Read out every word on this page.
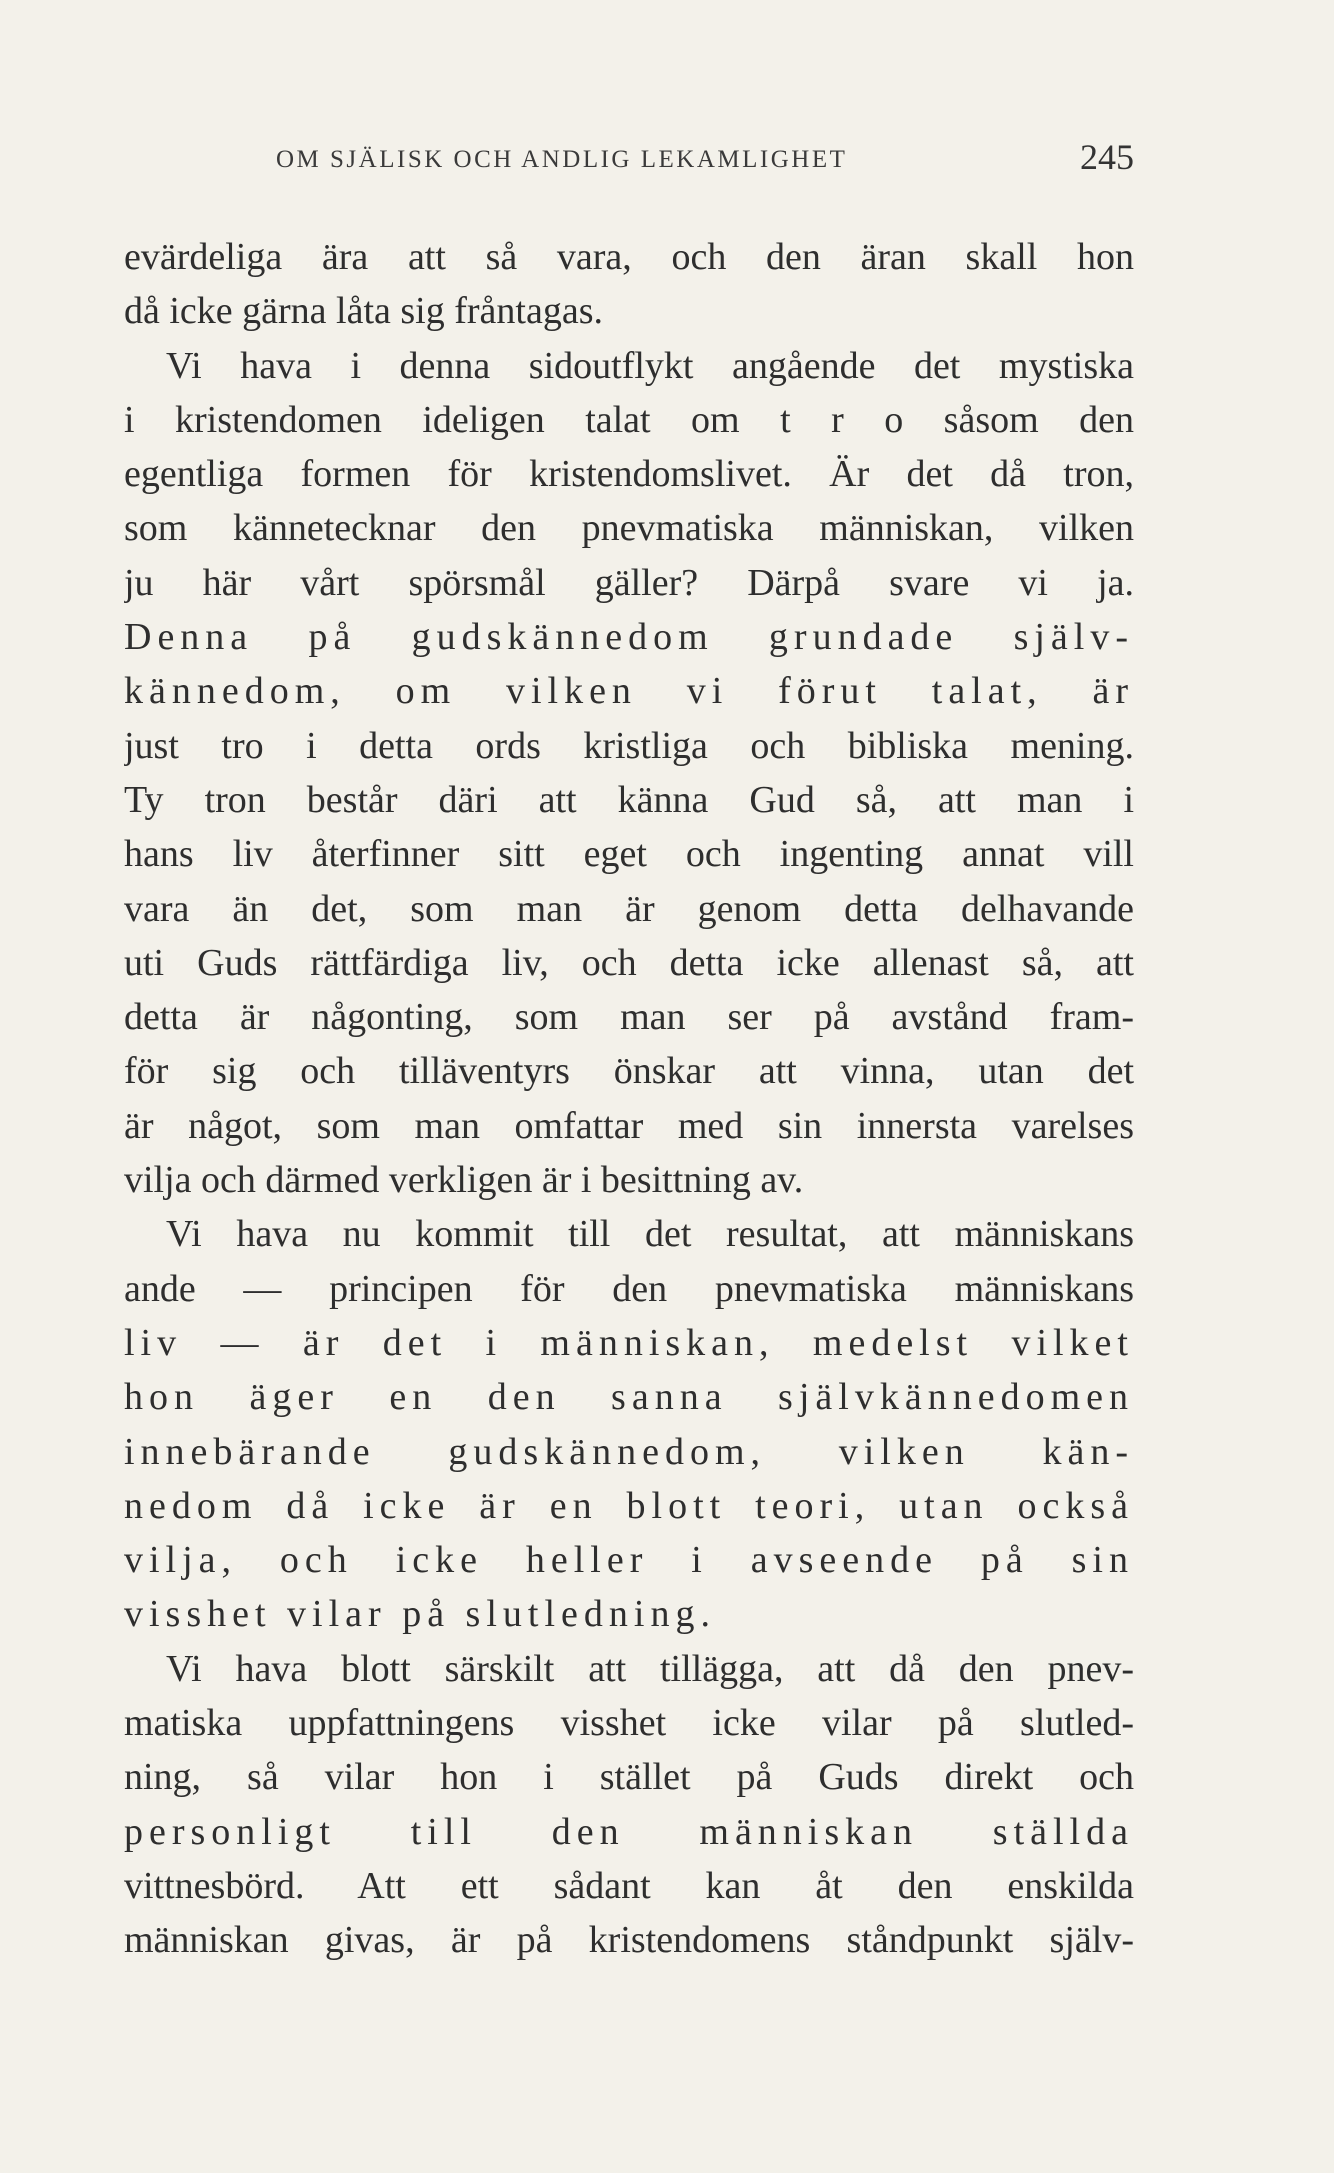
OM SJÄLISK OCH ANDLIG LEKAMLIGHET	245
evärdeliga ära att så vara, och den äran skall hon
då icke gärna låta sig fråntagas.
Vi hava i denna sidoutflykt angående det mystiska
i kristendomen ideligen talat om t r o såsom den
egentliga formen för kristendomslivet. Är det då tron,
som kännetecknar den pnevmatiska människan, vilken
ju här vårt spörsmål gäller? Därpå svare vi ja.
Denna på gudskännedom grundade själv-
kännedom, om vilken vi förut talat, är
just tro i detta ords kristliga och bibliska mening.
Ty tron består däri att känna Gud så, att man i
hans liv återfinner sitt eget och ingenting annat vill
vara än det, som man är genom detta delhavande
uti Guds rättfärdiga liv, och detta icke allenast så, att
detta är någonting, som man ser på avstånd fram-
för sig och tilläventyrs önskar att vinna, utan det
är något, som man omfattar med sin innersta varelses
vilja och därmed verkligen är i besittning av.
Vi hava nu kommit till det resultat, att människans
ande — principen för den pnevmatiska människans
liv — är det i människan, medelst vilket
hon äger en den sanna självkännedomen
innebärande gudskännedom, vilken kän-
nedom då icke är en blott teori, utan också
vilja, och icke heller i avseende på sin
visshet vilar på slutledning.
Vi hava blott särskilt att tillägga, att då den pnev-
matiska uppfattningens visshet icke vilar på slutled-
ning, så vilar hon i stället på Guds direkt och
personligt till den människan ställda
vittnesbörd. Att ett sådant kan åt den enskilda
människan givas, är på kristendomens ståndpunkt själv-
